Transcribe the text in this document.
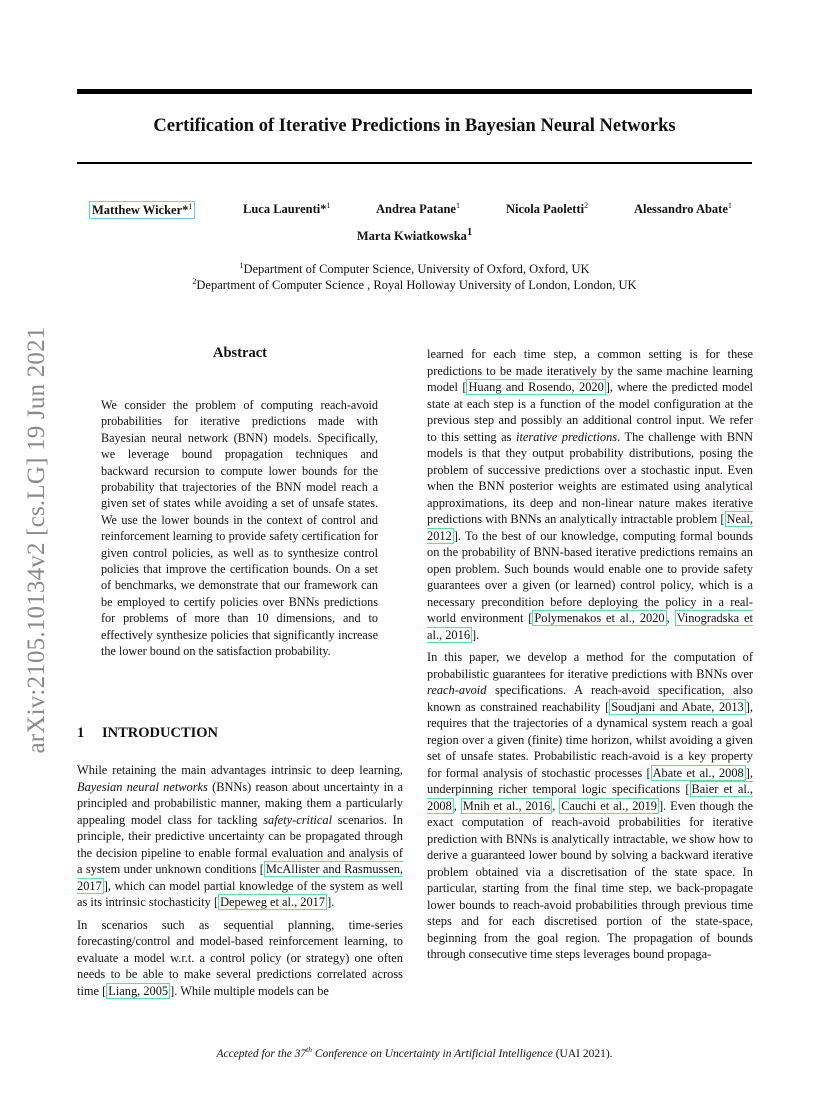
arXiv:2105.10134v2 [cs.LG] 19 Jun 2021
Certification of Iterative Predictions in Bayesian Neural Networks
Matthew Wicker*$^1$	Luca Laurenti*$^1$	Andrea Patane$^1$	Nicola Paoletti$^2$	Alessandro Abate$^1$
Marta Kwiatkowska$^1$
$^1$Department of Computer Science, University of Oxford, Oxford, UK
$^2$Department of Computer Science , Royal Holloway University of London, London, UK
Abstract
We consider the problem of computing reach-avoid probabilities for iterative predictions made with Bayesian neural network (BNN) models. Specifically, we leverage bound propagation techniques and backward recursion to compute lower bounds for the probability that trajectories of the BNN model reach a given set of states while avoiding a set of unsafe states. We use the lower bounds in the context of control and reinforcement learning to provide safety certification for given control policies, as well as to synthesize control policies that improve the certification bounds. On a set of benchmarks, we demonstrate that our framework can be employed to certify policies over BNNs predictions for problems of more than 10 dimensions, and to effectively synthesize policies that significantly increase the lower bound on the satisfaction probability.
1 INTRODUCTION

While retaining the main advantages intrinsic to deep learning, Bayesian neural networks (BNNs) reason about uncertainty in a principled and probabilistic manner, making them a particularly appealing model class for tackling safety-critical scenarios. In principle, their predictive uncertainty can be propagated through the decision pipeline to enable formal evaluation and analysis of a system under unknown conditions [ McAllister and Rasmussen, 2017 ], which can model partial knowledge of the system as well as its intrinsic stochasticity [ Depeweg et al., 2017 ].

In scenarios such as sequential planning, time-series forecasting/control and model-based reinforcement learning, to evaluate a model w.r.t. a control policy (or strategy) one often needs to be able to make several predictions correlated across time [ Liang, 2005 ]. While multiple models can be

learned for each time step, a common setting is for these predictions to be made iteratively by the same machine learning model [ Huang and Rosendo, 2020 ], where the predicted model state at each step is a function of the model configuration at the previous step and possibly an additional control input. We refer to this setting as iterative predictions. The challenge with BNN models is that they output probability distributions, posing the problem of successive predictions over a stochastic input. Even when the BNN posterior weights are estimated using analytical approximations, its deep and non-linear nature makes iterative predictions with BNNs an analytically intractable problem [ Neal, 2012 ]. To the best of our knowledge, computing formal bounds on the probability of BNN-based iterative predictions remains an open problem. Such bounds would enable one to provide safety guarantees over a given (or learned) control policy, which is a necessary precondition before deploying the policy in a real-world environment [ Polymenakos et al., 2020 , Vinogradska et al., 2016 ].

In this paper, we develop a method for the computation of probabilistic guarantees for iterative predictions with BNNs over reach-avoid specifications. A reach-avoid specification, also known as constrained reachability [ Soudjani and Abate, 2013 ], requires that the trajectories of a dynamical system reach a goal region over a given (finite) time horizon, whilst avoiding a given set of unsafe states. Probabilistic reach-avoid is a key property for formal analysis of stochastic processes [ Abate et al., 2008 ], underpinning richer temporal logic specifications [ Baier et al., 2008 , Mnih et al., 2016 , Cauchi et al., 2019 ]. Even though the exact computation of reach-avoid probabilities for iterative prediction with BNNs is analytically intractable, we show how to derive a guaranteed lower bound by solving a backward iterative problem obtained via a discretisation of the state space. In particular, starting from the final time step, we back-propagate lower bounds to reach-avoid probabilities through previous time steps and for each discretised portion of the state-space, beginning from the goal region. The propagation of bounds through consecutive time steps leverages bound propaga-

Accepted for the 37th Conference on Uncertainty in Artificial Intelligence (UAI 2021).
